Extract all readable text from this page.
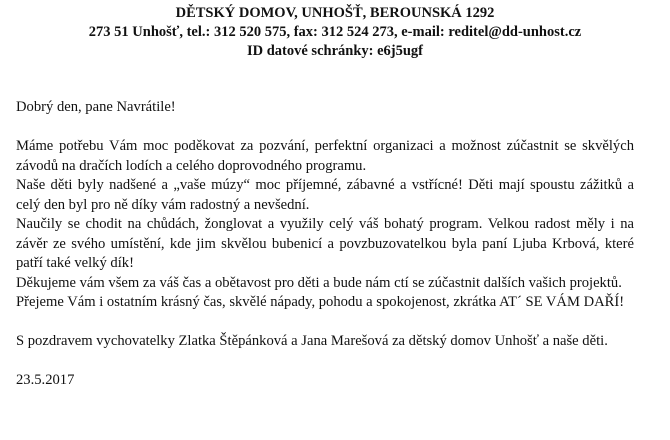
DĚTSKÝ DOMOV, UNHOŠŤ, BEROUNSKÁ 1292
273 51 Unhošť, tel.: 312 520 575, fax: 312 524 273, e-mail: reditel@dd-unhost.cz
ID datové schránky: e6j5ugf

Dobrý den, pane Navrátile!

Máme potřebu Vám moc poděkovat za pozvání, perfektní organizaci a možnost zúčastnit se skvělých závodů na dračích lodích a celého doprovodného programu.

Naše děti byly nadšené a „vaše múzy“ moc příjemné, zábavné a vstřícné! Děti mají spoustu zážitků a celý den byl pro ně díky vám radostný a nevšední.

Naučily se chodit na chůdách, žonglovat a využily celý váš bohatý program. Velkou radost měly i na závěr ze svého umístění, kde jim skvělou bubenicí a povzbuzovatelkou byla paní Ljuba Krbová, které patří také velký dík!

Děkujeme vám všem za váš čas a obětavost pro děti a bude nám ctí se zúčastnit dalších vašich projektů.

Přejeme Vám i ostatním krásný čas, skvělé nápady, pohodu a spokojenost, zkrátka AT´ SE VÁM DAŘÍ!

S pozdravem vychovatelky Zlatka Štěpánková a Jana Marešová za dětský domov Unhošť a naše děti.

23.5.2017
